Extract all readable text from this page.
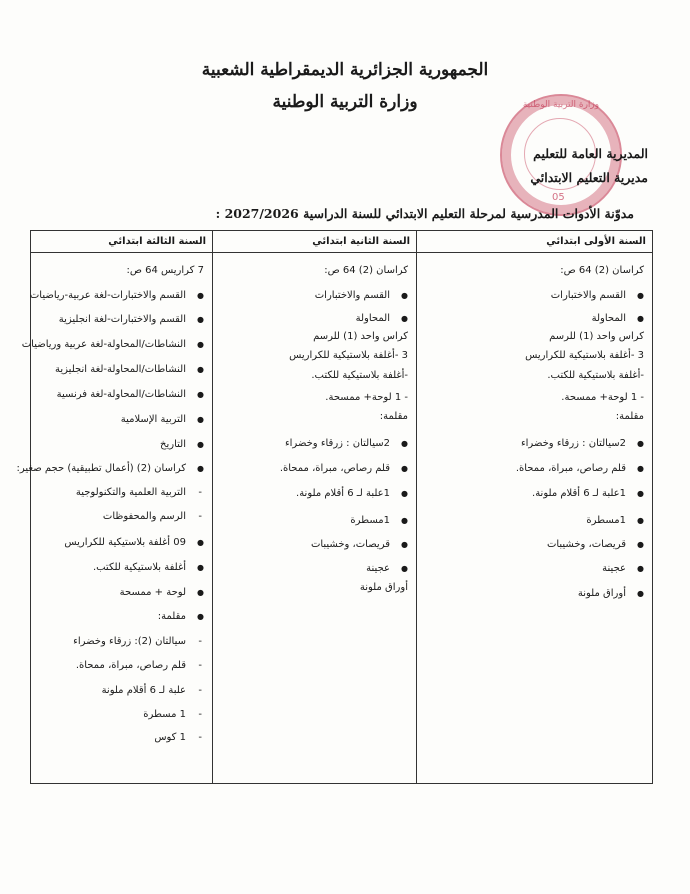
الجمهورية الجزائرية الديمقراطية الشعبية
وزارة التربية الوطنية	وزارة التربية الوطنية
05
المديرية العامة للتعليم
مديرية التعليم الابتدائي
مدوّنة الأدوات المدرسية لمرحلة التعليم الابتدائي للسنة الدراسية 2027/2026 :
السنة الأولى ابتدائي
كراسان (2) 64 ص:
● القسم والاختبارات
● المحاولة
كراس واحد (1) للرسم
3 -أغلفة بلاستيكية للكراريس
-أغلفة بلاستيكية للكتب.
- 1 لوحة+ ممسحة.
مقلمة:
● 2سيالتان : زرقاء وخضراء
● قلم رصاص، مبراة، ممحاة.
● 1علبة لـ 6 أقلام ملونة.
● 1مسطرة
● قريصات، وخشيبات
● عجينة
● أوراق ملونة
السنة الثانية ابتدائي
كراسان (2) 64 ص:
● القسم والاختبارات
● المحاولة
كراس واحد (1) للرسم
3 -أغلفة بلاستيكية للكراريس
-أغلفة بلاستيكية للكتب.
- 1 لوحة+ ممسحة.
مقلمة:
● 2سيالتان : زرقاء وخضراء
● قلم رصاص، مبراة، ممحاة.
● 1علبة لـ 6 أقلام ملونة.
● 1مسطرة
● قريصات، وخشيبات
● عجينة
أوراق ملونة
السنة الثالثة ابتدائي
7 كراريس 64 ص:
● القسم والاختبارات-لغة عربية-رياضيات
● القسم والاختبارات-لغة انجليزية
● النشاطات/المحاولة-لغة عربية ورياضيات
● النشاطات/المحاولة-لغة انجليزية
● النشاطات/المحاولة-لغة فرنسية
● التربية الإسلامية
● التاريخ
● كراسان (2) (أعمال تطبيقية) حجم صغير:
- التربية العلمية والتكنولوجية
- الرسم والمحفوظات
● 09 أغلفة بلاستيكية للكراريس
● أغلفة بلاستيكية للكتب.
● لوحة + ممسحة
● مقلمة:
- سيالتان (2): زرقاء وخضراء
- قلم رصاص، مبراة، ممحاة.
- علبة لـ 6 أقلام ملونة
- 1 مسطرة
- 1 كوس
